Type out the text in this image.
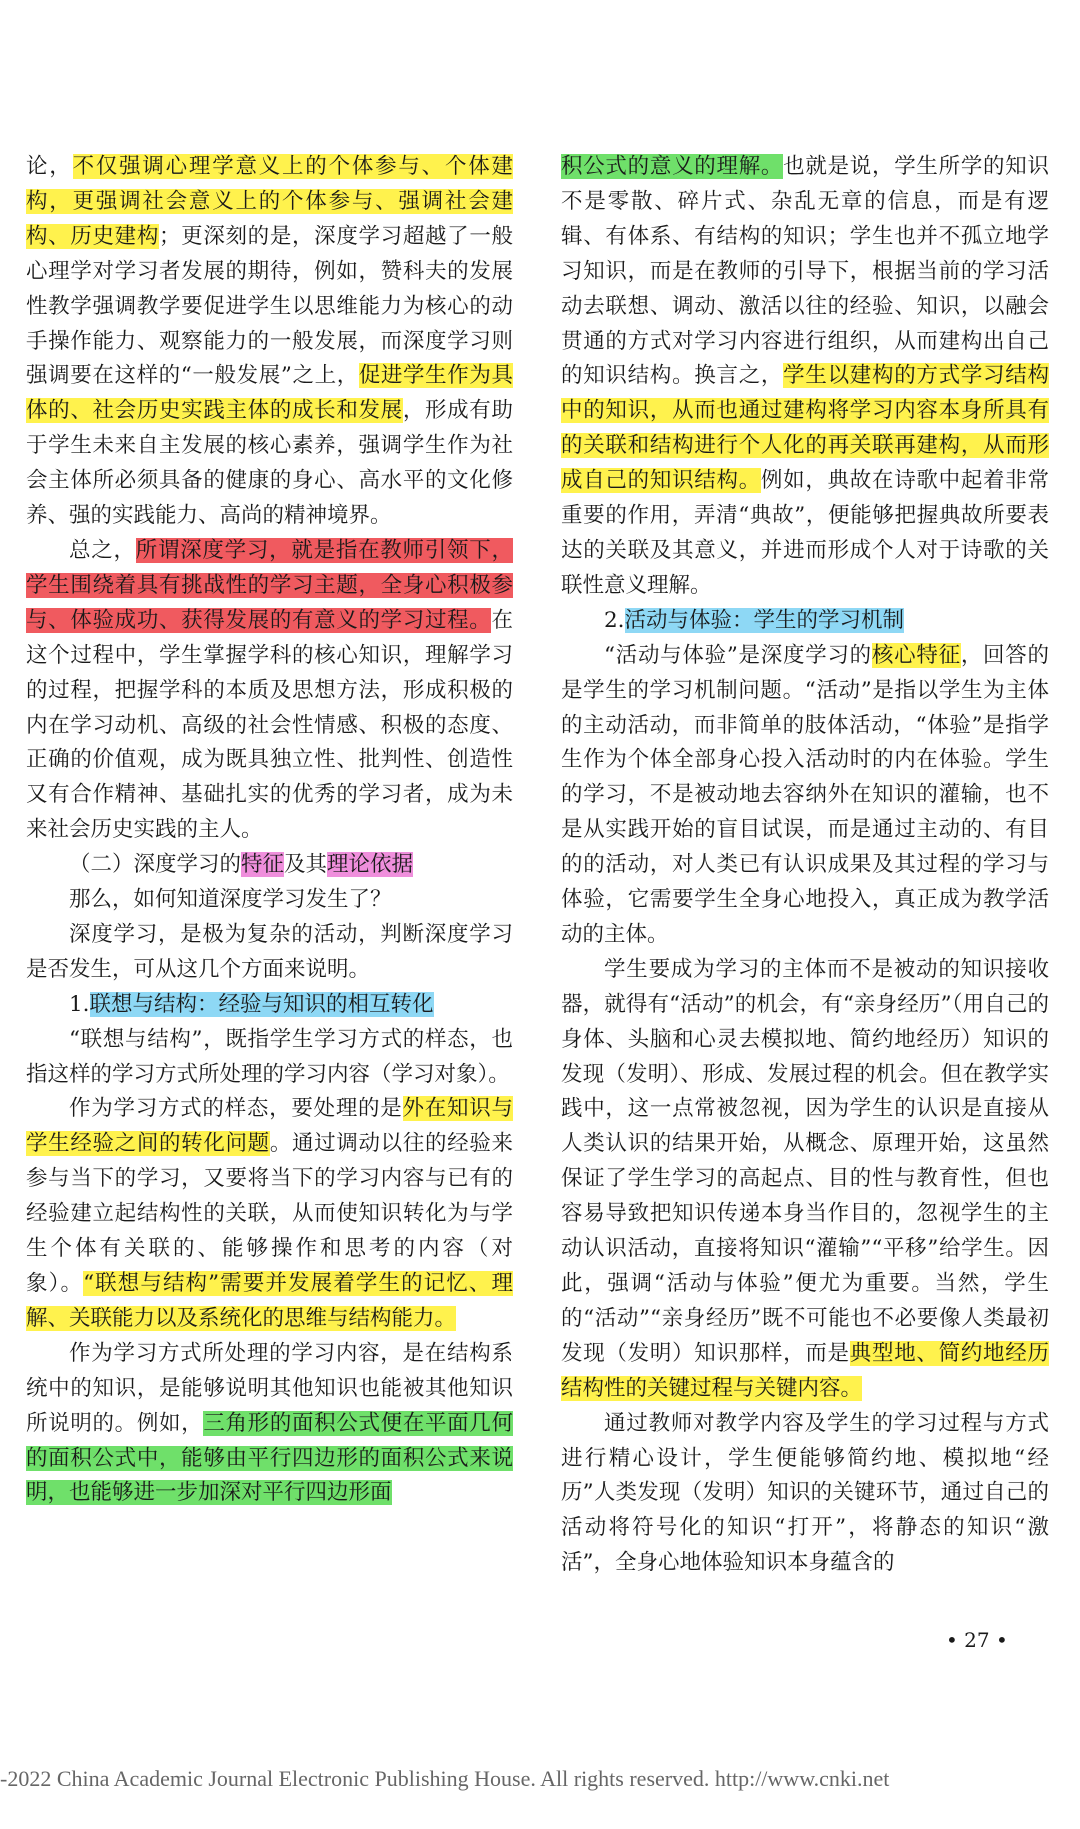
论，不仅强调心理学意义上的个体参与、个体建构，更强调社会意义上的个体参与、强调社会建构、历史建构；更深刻的是，深度学习超越了一般心理学对学习者发展的期待，例如，赞科夫的发展性教学强调教学要促进学生以思维能力为核心的动手操作能力、观察能力的一般发展，而深度学习则强调要在这样的“一般发展”之上，促进学生作为具体的、社会历史实践主体的成长和发展，形成有助于学生未来自主发展的核心素养，强调学生作为社会主体所必须具备的健康的身心、高水平的文化修养、强的实践能力、高尚的精神境界。

总之，所谓深度学习，就是指在教师引领下，学生围绕着具有挑战性的学习主题，全身心积极参与、体验成功、获得发展的有意义的学习过程。在这个过程中，学生掌握学科的核心知识，理解学习的过程，把握学科的本质及思想方法，形成积极的内在学习动机、高级的社会性情感、积极的态度、正确的价值观，成为既具独立性、批判性、创造性又有合作精神、基础扎实的优秀的学习者，成为未来社会历史实践的主人。

（二）深度学习的特征及其理论依据

那么，如何知道深度学习发生了？

深度学习，是极为复杂的活动，判断深度学习是否发生，可从这几个方面来说明。

1.联想与结构：经验与知识的相互转化

“联想与结构”，既指学生学习方式的样态，也指这样的学习方式所处理的学习内容（学习对象）。

作为学习方式的样态，要处理的是外在知识与学生经验之间的转化问题。通过调动以往的经验来参与当下的学习，又要将当下的学习内容与已有的经验建立起结构性的关联，从而使知识转化为与学生个体有关联的、能够操作和思考的内容（对象）。“联想与结构”需要并发展着学生的记忆、理解、关联能力以及系统化的思维与结构能力。

作为学习方式所处理的学习内容，是在结构系统中的知识，是能够说明其他知识也能被其他知识所说明的。例如，三角形的面积公式便在平面几何的面积公式中，能够由平行四边形的面积公式来说明，也能够进一步加深对平行四边形面

积公式的意义的理解。也就是说，学生所学的知识不是零散、碎片式、杂乱无章的信息，而是有逻辑、有体系、有结构的知识；学生也并不孤立地学习知识，而是在教师的引导下，根据当前的学习活动去联想、调动、激活以往的经验、知识，以融会贯通的方式对学习内容进行组织，从而建构出自己的知识结构。换言之，学生以建构的方式学习结构中的知识，从而也通过建构将学习内容本身所具有的关联和结构进行个人化的再关联再建构，从而形成自己的知识结构。例如，典故在诗歌中起着非常重要的作用，弄清“典故”，便能够把握典故所要表达的关联及其意义，并进而形成个人对于诗歌的关联性意义理解。

2.活动与体验：学生的学习机制

“活动与体验”是深度学习的核心特征，回答的是学生的学习机制问题。“活动”是指以学生为主体的主动活动，而非简单的肢体活动，“体验”是指学生作为个体全部身心投入活动时的内在体验。学生的学习，不是被动地去容纳外在知识的灌输，也不是从实践开始的盲目试误，而是通过主动的、有目的的活动，对人类已有认识成果及其过程的学习与体验，它需要学生全身心地投入，真正成为教学活动的主体。

学生要成为学习的主体而不是被动的知识接收器，就得有“活动”的机会，有“亲身经历”（用自己的身体、头脑和心灵去模拟地、简约地经历）知识的发现（发明）、形成、发展过程的机会。但在教学实践中，这一点常被忽视，因为学生的认识是直接从人类认识的结果开始，从概念、原理开始，这虽然保证了学生学习的高起点、目的性与教育性，但也容易导致把知识传递本身当作目的，忽视学生的主动认识活动，直接将知识“灌输”“平移”给学生。因此，强调“活动与体验”便尤为重要。当然，学生的“活动”“亲身经历”既不可能也不必要像人类最初发现（发明）知识那样，而是典型地、简约地经历结构性的关键过程与关键内容。

通过教师对教学内容及学生的学习过程与方式进行精心设计，学生便能够简约地、模拟地“经历”人类发现（发明）知识的关键环节，通过自己的活动将符号化的知识“打开”，将静态的知识“激活”，全身心地体验知识本身蕴含的

• 27 •
-2022 China Academic Journal Electronic Publishing House. All rights reserved. http://www.cnki.net
